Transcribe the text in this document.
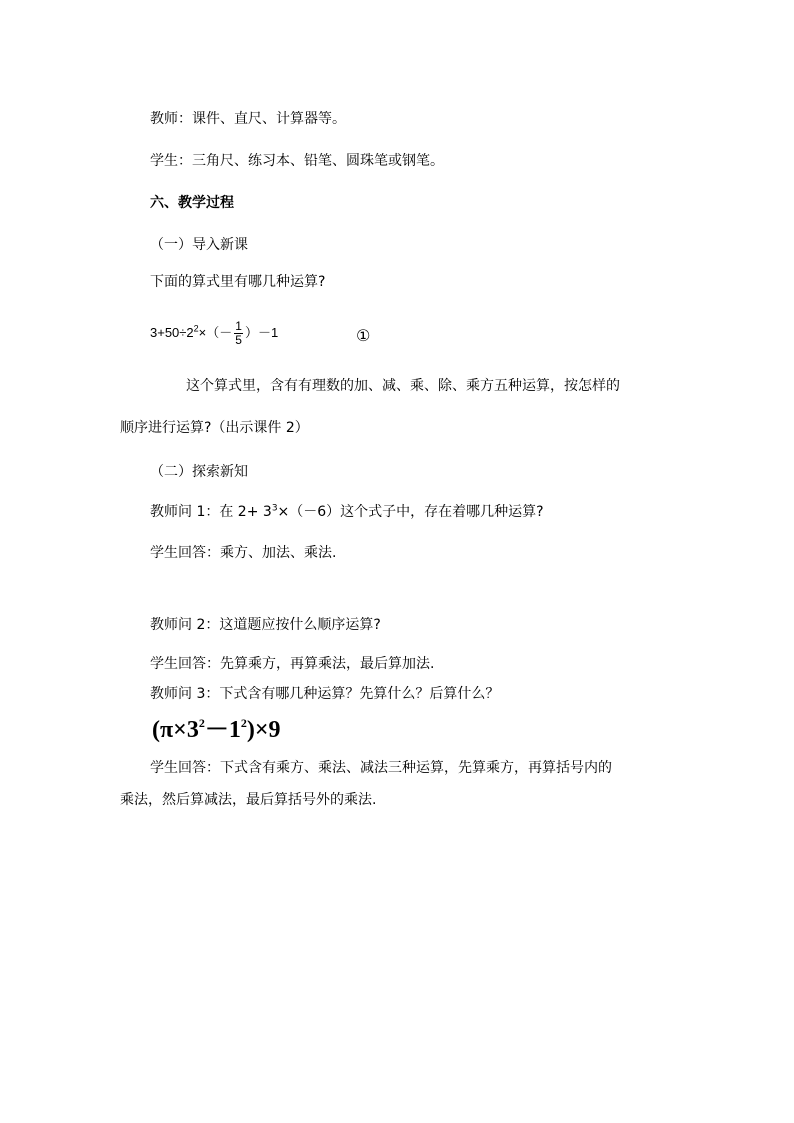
教师：课件、直尺、计算器等。
学生：三角尺、练习本、铅笔、圆珠笔或钢笔。
六、教学过程
（一）导入新课
下面的算式里有哪几种运算?
$3+50\div 2^2\times(- \frac{1}{5} )-1$	①
这个算式里，含有有理数的加、减、乘、除、乘方五种运算，按怎样的
顺序进行运算?（出示课件 2）
（二）探索新知
教师问 1：在 $2+ 3^3\times(-6)$这个式子中，存在着哪几种运算?
学生回答：乘方、加法、乘法.
教师问 2：这道题应按什么顺序运算?
学生回答：先算乘方，再算乘法，最后算加法.
教师问 3：下式含有哪几种运算？先算什么？后算什么？
$(\pi\times 3^2-1^2)\times 9$
学生回答：下式含有乘方、乘法、减法三种运算，先算乘方，再算括号内的
乘法，然后算减法，最后算括号外的乘法.
